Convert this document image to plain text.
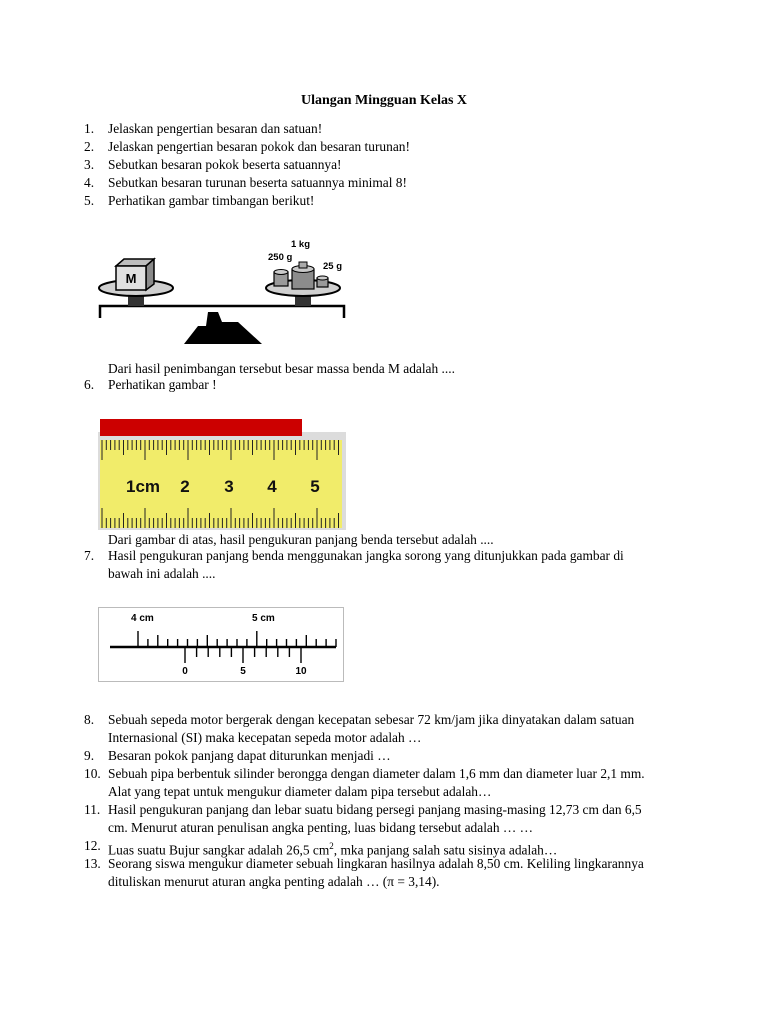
Ulangan Mingguan Kelas X
1.	Jelaskan pengertian besaran dan satuan!
2.	Jelaskan pengertian besaran pokok dan besaran turunan!
3.	Sebutkan besaran pokok beserta satuannya!
4.	Sebutkan besaran turunan beserta satuannya minimal 8!
5.	Perhatikan gambar timbangan berikut!
M
250 g
1 kg
25 g
Dari hasil penimbangan tersebut besar massa benda M adalah ....
6.	Perhatikan gambar !
1cm 2 3 4 5
Dari gambar di atas, hasil pengukuran panjang benda tersebut adalah ....
7.	Hasil pengukuran panjang benda menggunakan jangka sorong yang ditunjukkan pada gambar di
bawah ini adalah ....
4 cm	5 cm
0	5	10
8.	Sebuah sepeda motor bergerak dengan kecepatan sebesar 72 km/jam jika dinyatakan dalam satuan
Internasional (SI) maka kecepatan sepeda motor adalah …
9.	Besaran pokok panjang dapat diturunkan menjadi …
10. Sebuah pipa berbentuk silinder berongga dengan diameter dalam 1,6 mm dan diameter luar 2,1 mm.
Alat yang tepat untuk mengukur diameter dalam pipa tersebut adalah…
11. Hasil pengukuran panjang dan lebar suatu bidang persegi panjang masing-masing 12,73 cm dan 6,5
cm. Menurut aturan penulisan angka penting, luas bidang tersebut adalah … …
12. Luas suatu Bujur sangkar adalah 26,5 $cm^2$, mka panjang salah satu sisinya adalah…
13. Seorang siswa mengukur diameter sebuah lingkaran hasilnya adalah 8,50 cm. Keliling lingkarannya
dituliskan menurut aturan angka penting adalah … (π = 3,14).
